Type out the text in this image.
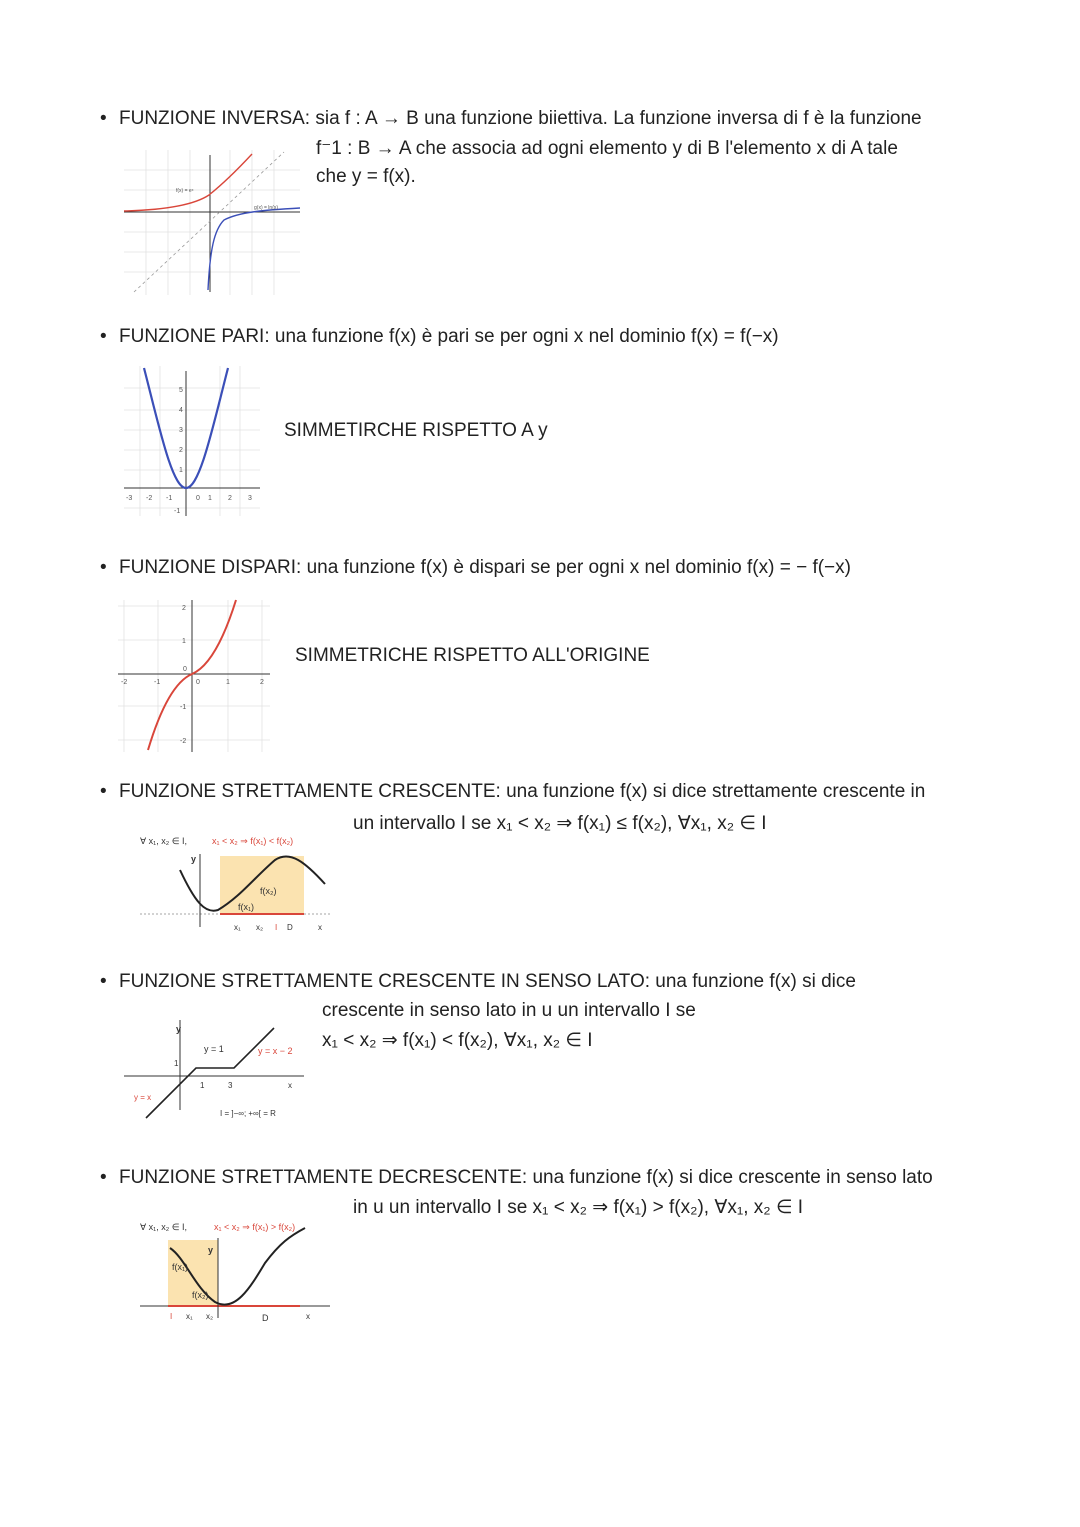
• FUNZIONE INVERSA: sia f : A → B una funzione biiettiva. La funzione inversa di f è la funzione
f⁻1 : B → A che associa ad ogni elemento y di B l'elemento x di A tale
che y = f(x).
f(x) = eˣ
g(x) = ln(x)
• FUNZIONE PARI: una funzione f(x) è pari se per ogni x nel dominio f(x) = f(−x)
SIMMETIRCHE RISPETTO A y
5
4
3
2
1
-1
-3 -2 -1	0 1 2 3
• FUNZIONE DISPARI: una funzione f(x) è dispari se per ogni x nel dominio f(x) = − f(−x)
SIMMETRICHE RISPETTO ALL'ORIGINE
2
1
0
-1
-2
-2	-1	0	1	2
• FUNZIONE STRETTAMENTE CRESCENTE: una funzione f(x) si dice strettamente crescente in
un intervallo I se x₁ < x₂ ⇒ f(x₁) ≤ f(x₂), ∀x₁, x₂ ∈ I
∀ x₁, x₂ ∈ I,	x₁ < x₂ ⇒ f(x₁) < f(x₂)
y
f(x₂)
f(x₁)
x₁ x₂ I D	x
• FUNZIONE STRETTAMENTE CRESCENTE IN SENSO LATO: una funzione f(x) si dice
crescente in senso lato in u un intervallo I se
x₁ < x₂ ⇒ f(x₁) < f(x₂), ∀x₁, x₂ ∈ I
y
y = 1	y = x − 2
1
1	3	x
y = x
I = ]−∞; +∞[ = R
• FUNZIONE STRETTAMENTE DECRESCENTE: una funzione f(x) si dice crescente in senso lato
in u un intervallo I se x₁ < x₂ ⇒ f(x₁) > f(x₂), ∀x₁, x₂ ∈ I
∀ x₁, x₂ ∈ I,	x₁ < x₂ ⇒ f(x₁) > f(x₂)
y
f(x₁)
f(x₂)
I x₁ x₂	D	x
